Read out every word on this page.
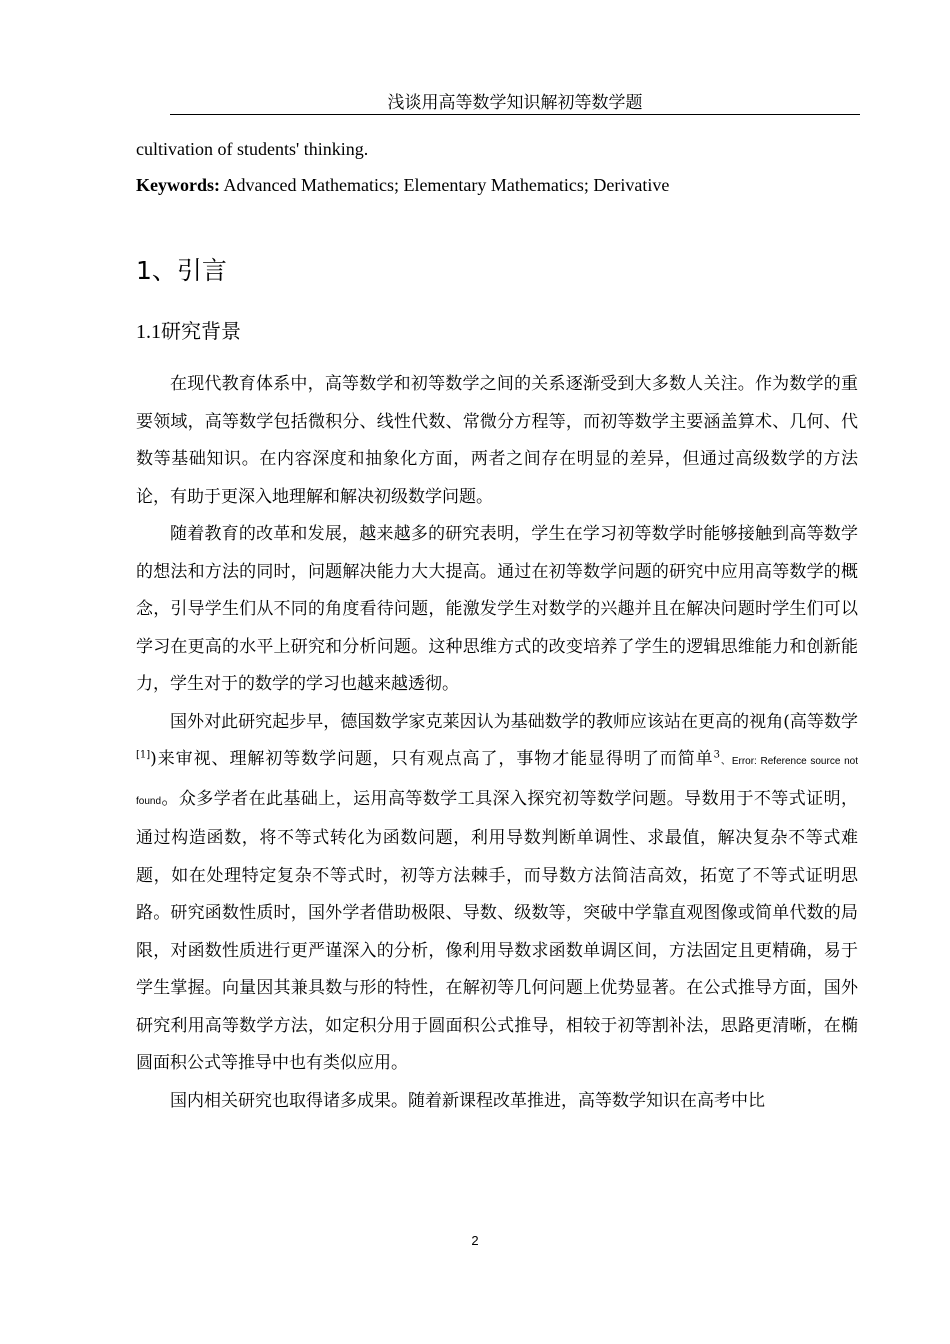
浅谈用高等数学知识解初等数学题

cultivation of students' thinking.

Keywords: Advanced Mathematics; Elementary Mathematics; Derivative

1、引言
1.1研究背景

在现代教育体系中，高等数学和初等数学之间的关系逐渐受到大多数人关注。作为数学的重要领域，高等数学包括微积分、线性代数、常微分方程等，而初等数学主要涵盖算术、几何、代数等基础知识。在内容深度和抽象化方面，两者之间存在明显的差异，但通过高级数学的方法论，有助于更深入地理解和解决初级数学问题。

随着教育的改革和发展，越来越多的研究表明，学生在学习初等数学时能够接触到高等数学的想法和方法的同时，问题解决能力大大提高。通过在初等数学问题的研究中应用高等数学的概念，引导学生们从不同的角度看待问题，能激发学生对数学的兴趣并且在解决问题时学生们可以学习在更高的水平上研究和分析问题。这种思维方式的改变培养了学生的逻辑思维能力和创新能力，学生对于的数学的学习也越来越透彻。

国外对此研究起步早，德国数学家克莱因认为基础数学的教师应该站在更高的视角(高等数学[1])来审视、理解初等数学问题，只有观点高了，事物才能显得明了而简单$^3$、Error: Reference source not found。众多学者在此基础上，运用高等数学工具深入探究初等数学问题。导数用于不等式证明，通过构造函数，将不等式转化为函数问题，利用导数判断单调性、求最值，解决复杂不等式难题，如在处理特定复杂不等式时，初等方法棘手，而导数方法简洁高效，拓宽了不等式证明思路。研究函数性质时，国外学者借助极限、导数、级数等，突破中学靠直观图像或简单代数的局限，对函数性质进行更严谨深入的分析，像利用导数求函数单调区间，方法固定且更精确，易于学生掌握。向量因其兼具数与形的特性，在解初等几何问题上优势显著。在公式推导方面，国外研究利用高等数学方法，如定积分用于圆面积公式推导，相较于初等割补法，思路更清晰，在椭圆面积公式等推导中也有类似应用。

国内相关研究也取得诸多成果。随着新课程改革推进，高等数学知识在高考中比

2
